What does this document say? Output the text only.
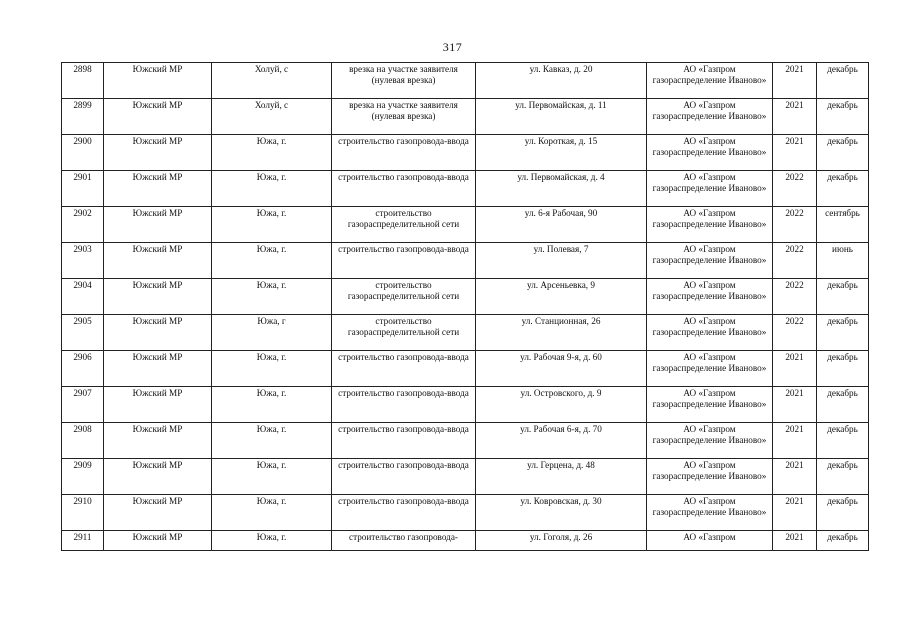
317
2898	Южский МР	Холуй, с	врезка на участке заявителя (нулевая врезка)	ул. Кавказ, д. 20	АО «Газпром газораспределение Иваново»	2021	декабрь
2899	Южский МР	Холуй, с	врезка на участке заявителя (нулевая врезка)	ул. Первомайская, д. 11	АО «Газпром газораспределение Иваново»	2021	декабрь
2900	Южский МР	Южа, г.	строительство газопровода-ввода	ул. Короткая, д. 15	АО «Газпром газораспределение Иваново»	2021	декабрь
2901	Южский МР	Южа, г.	строительство газопровода-ввода	ул. Первомайская, д. 4	АО «Газпром газораспределение Иваново»	2022	декабрь
2902	Южский МР	Южа, г.	строительство газораспределительной сети	ул. 6-я Рабочая, 90	АО «Газпром газораспределение Иваново»	2022	сентябрь
2903	Южский МР	Южа, г.	строительство газопровода-ввода	ул. Полевая, 7	АО «Газпром газораспределение Иваново»	2022	июнь
2904	Южский МР	Южа, г.	строительство газораспределительной сети	ул. Арсеньевка, 9	АО «Газпром газораспределение Иваново»	2022	декабрь
2905	Южский МР	Южа, г	строительство газораспределительной сети	ул. Станционная, 26	АО «Газпром газораспределение Иваново»	2022	декабрь
2906	Южский МР	Южа, г.	строительство газопровода-ввода	ул. Рабочая 9-я, д. 60	АО «Газпром газораспределение Иваново»	2021	декабрь
2907	Южский МР	Южа, г.	строительство газопровода-ввода	ул. Островского, д. 9	АО «Газпром газораспределение Иваново»	2021	декабрь
2908	Южский МР	Южа, г.	строительство газопровода-ввода	ул. Рабочая 6-я, д. 70	АО «Газпром газораспределение Иваново»	2021	декабрь
2909	Южский МР	Южа, г.	строительство газопровода-ввода	ул. Герцена, д. 48	АО «Газпром газораспределение Иваново»	2021	декабрь
2910	Южский МР	Южа, г.	строительство газопровода-ввода	ул. Ковровская, д. 30	АО «Газпром газораспределение Иваново»	2021	декабрь
2911	Южский МР	Южа, г.	строительство газопровода-	ул. Гоголя, д. 26	АО «Газпром	2021	декабрь
